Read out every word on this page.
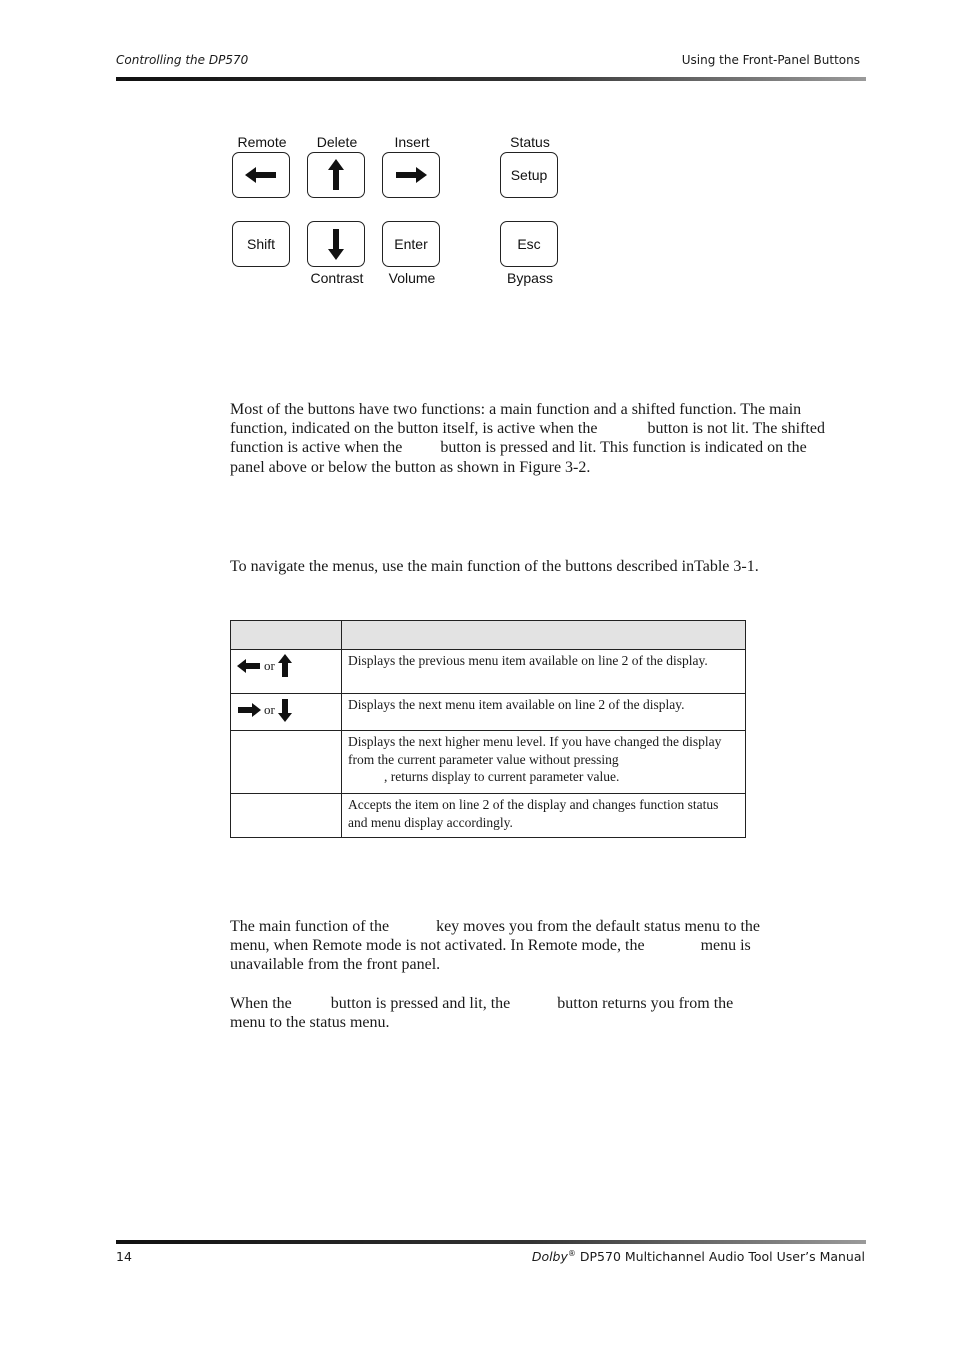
Controlling the DP570	Using the Front-Panel Buttons
Remote	Delete	Insert	Status
Setup
Shift	Enter	Esc
Contrast	Volume	Bypass
Most of the buttons have two functions: a main function and a shifted function. The main
function, indicated on the button itself, is active when the	button is not lit. The shifted
function is active when the button is pressed and lit. This function is indicated on the
panel above or below the button as shown in Figure 3-2.
To navigate the menus, use the main function of the buttons described inTable 3-1.

or	Displays the previous menu item available on line 2 of the display.

or	Displays the next menu item available on line 2 of the display.
	Displays the next higher menu level. If you have changed the display from the current parameter value without pressing
, returns display to current parameter value.
	Accepts the item on line 2 of the display and changes function status and menu display accordingly.
The main function of the	key moves you from the default status menu to the
menu, when Remote mode is not activated. In Remote mode, the	menu is
unavailable from the front panel.
When the button is pressed and lit, the	button returns you from the
menu to the status menu.
14	Dolby® DP570 Multichannel Audio Tool User’s Manual
